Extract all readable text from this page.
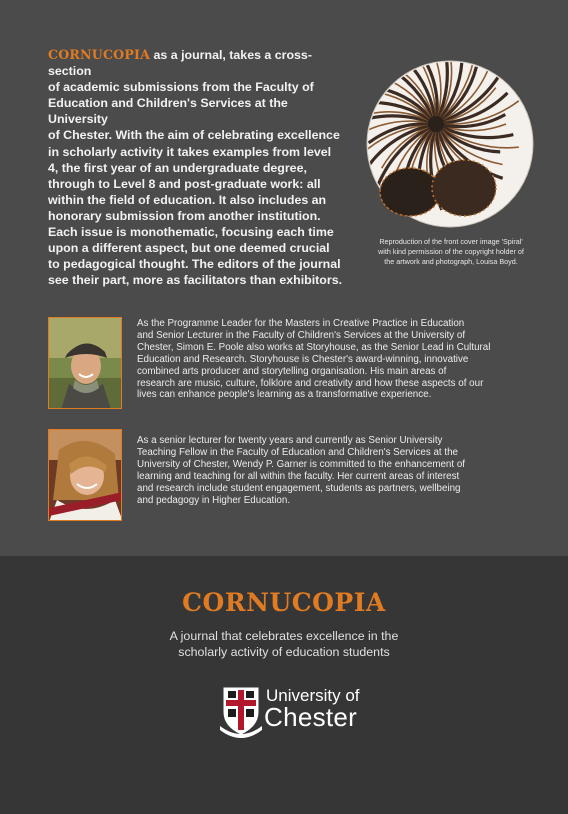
CORNUCOPIA as a journal, takes a cross-section
of academic submissions from the Faculty of
Education and Children's Services at the University
of Chester. With the aim of celebrating excellence
in scholarly activity it takes examples from level
4, the first year of an undergraduate degree,
through to Level 8 and post-graduate work: all
within the field of education. It also includes an
honorary submission from another institution.
Each issue is monothematic, focusing each time
upon a different aspect, but one deemed crucial
to pedagogical thought. The editors of the journal
see their part, more as facilitators than exhibitors.
Reproduction of the front cover image 'Spiral'
with kind permission of the copyright holder of
the artwork and photograph, Louisa Boyd.
As the Programme Leader for the Masters in Creative Practice in Education
and Senior Lecturer in the Faculty of Children's Services at the University of
Chester, Simon E. Poole also works at Storyhouse, as the Senior Lead in Cultural
Education and Research. Storyhouse is Chester's award-winning, innovative
combined arts producer and storytelling organisation. His main areas of
research are music, culture, folklore and creativity and how these aspects of our
lives can enhance people's learning as a transformative experience.
As a senior lecturer for twenty years and currently as Senior University
Teaching Fellow in the Faculty of Education and Children's Services at the
University of Chester, Wendy P. Garner is committed to the enhancement of
learning and teaching for all within the faculty. Her current areas of interest
and research include student engagement, students as partners, wellbeing
and pedagogy in Higher Education.
CORNUCOPIA
A journal that celebrates excellence in the
scholarly activity of education students
University of
Chester
